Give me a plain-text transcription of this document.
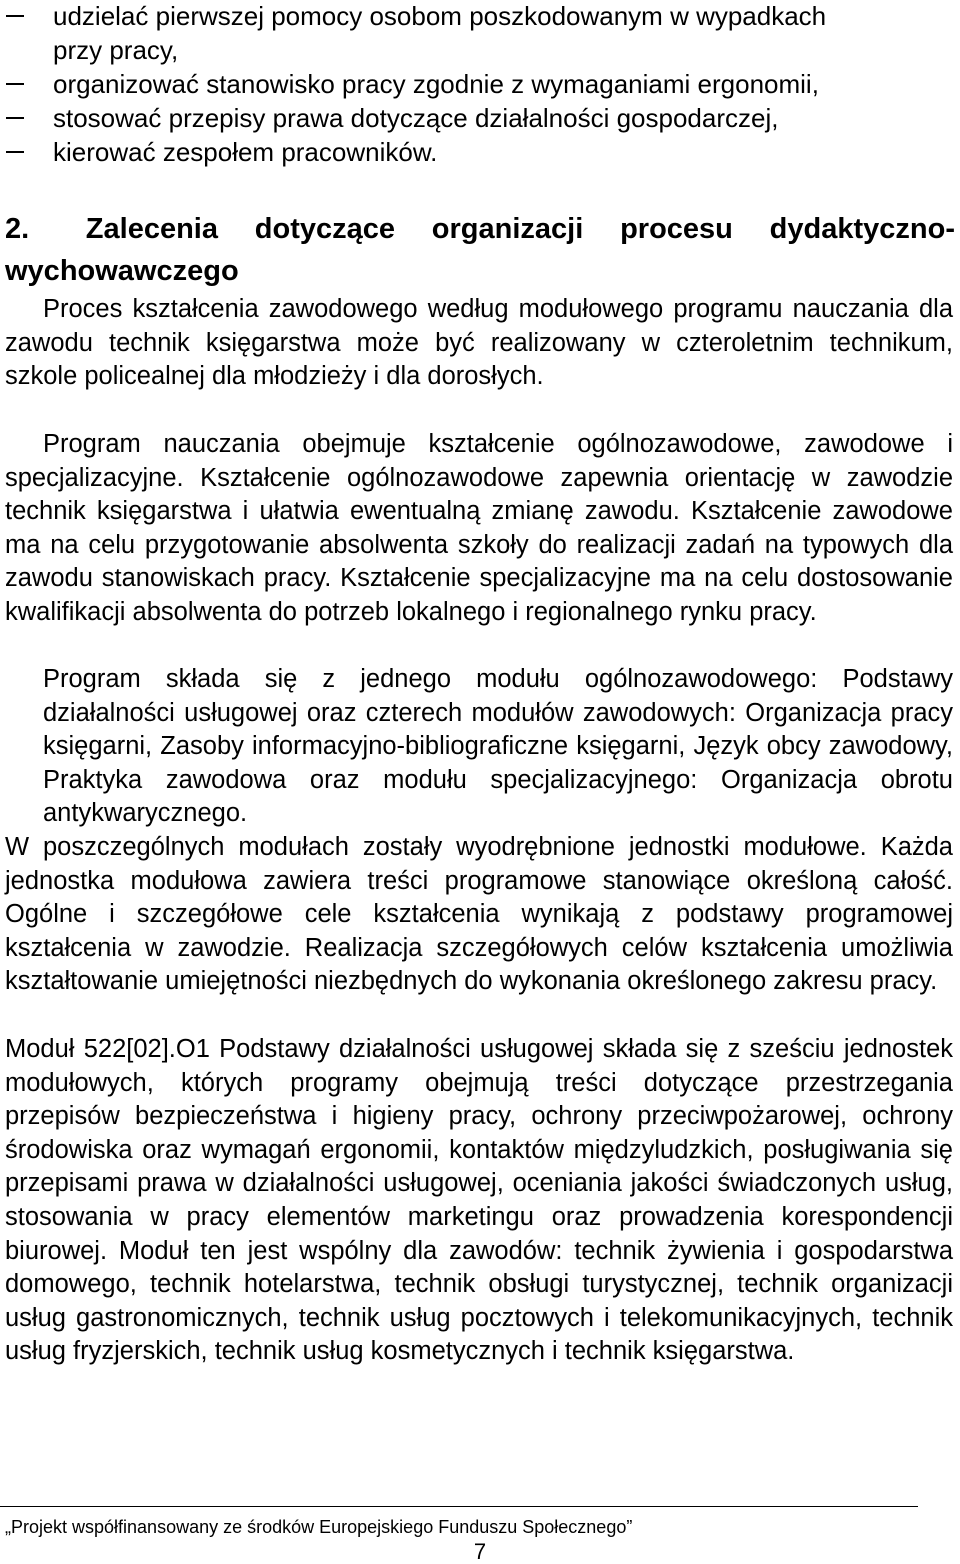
udzielać pierwszej pomocy osobom poszkodowanym w wypadkach
przy pracy,
organizować stanowisko pracy zgodnie z wymaganiami ergonomii,
stosować przepisy prawa dotyczące działalności gospodarczej,
kierować zespołem pracowników.
2. Zalecenia dotyczące organizacji procesu dydaktyczno-
wychowawczego

Proces kształcenia zawodowego według modułowego programu nauczania dla zawodu technik księgarstwa może być realizowany w czteroletnim technikum, szkole policealnej dla młodzieży i dla dorosłych.

Program nauczania obejmuje kształcenie ogólnozawodowe, zawodowe i specjalizacyjne. Kształcenie ogólnozawodowe zapewnia orientację w zawodzie technik księgarstwa i ułatwia ewentualną zmianę zawodu. Kształcenie zawodowe ma na celu przygotowanie absolwenta szkoły do realizacji zadań na typowych dla zawodu stanowiskach pracy. Kształcenie specjalizacyjne ma na celu dostosowanie kwalifikacji absolwenta do potrzeb lokalnego i regionalnego rynku pracy.

Program składa się z jednego modułu ogólnozawodowego: Podstawy działalności usługowej oraz czterech modułów zawodowych: Organizacja pracy księgarni, Zasoby informacyjno-bibliograficzne księgarni, Język obcy zawodowy, Praktyka zawodowa oraz modułu specjalizacyjnego: Organizacja obrotu antykwarycznego.

W poszczególnych modułach zostały wyodrębnione jednostki modułowe. Każda jednostka modułowa zawiera treści programowe stanowiące określoną całość. Ogólne i szczegółowe cele kształcenia wynikają z podstawy programowej kształcenia w zawodzie. Realizacja szczegółowych celów kształcenia umożliwia kształtowanie umiejętności niezbędnych do wykonania określonego zakresu pracy.

Moduł 522[02].O1 Podstawy działalności usługowej składa się z sześciu jednostek modułowych, których programy obejmują treści dotyczące przestrzegania przepisów bezpieczeństwa i higieny pracy, ochrony przeciwpożarowej, ochrony środowiska oraz wymagań ergonomii, kontaktów międzyludzkich, posługiwania się przepisami prawa w działalności usługowej, oceniania jakości świadczonych usług, stosowania w pracy elementów marketingu oraz prowadzenia korespondencji biurowej. Moduł ten jest wspólny dla zawodów: technik żywienia i gospodarstwa domowego, technik hotelarstwa, technik obsługi turystycznej, technik organizacji usług gastronomicznych, technik usług pocztowych i telekomunikacyjnych, technik usług fryzjerskich, technik usług kosmetycznych i technik księgarstwa.

„Projekt współfinansowany ze środków Europejskiego Funduszu Społecznego”
7
